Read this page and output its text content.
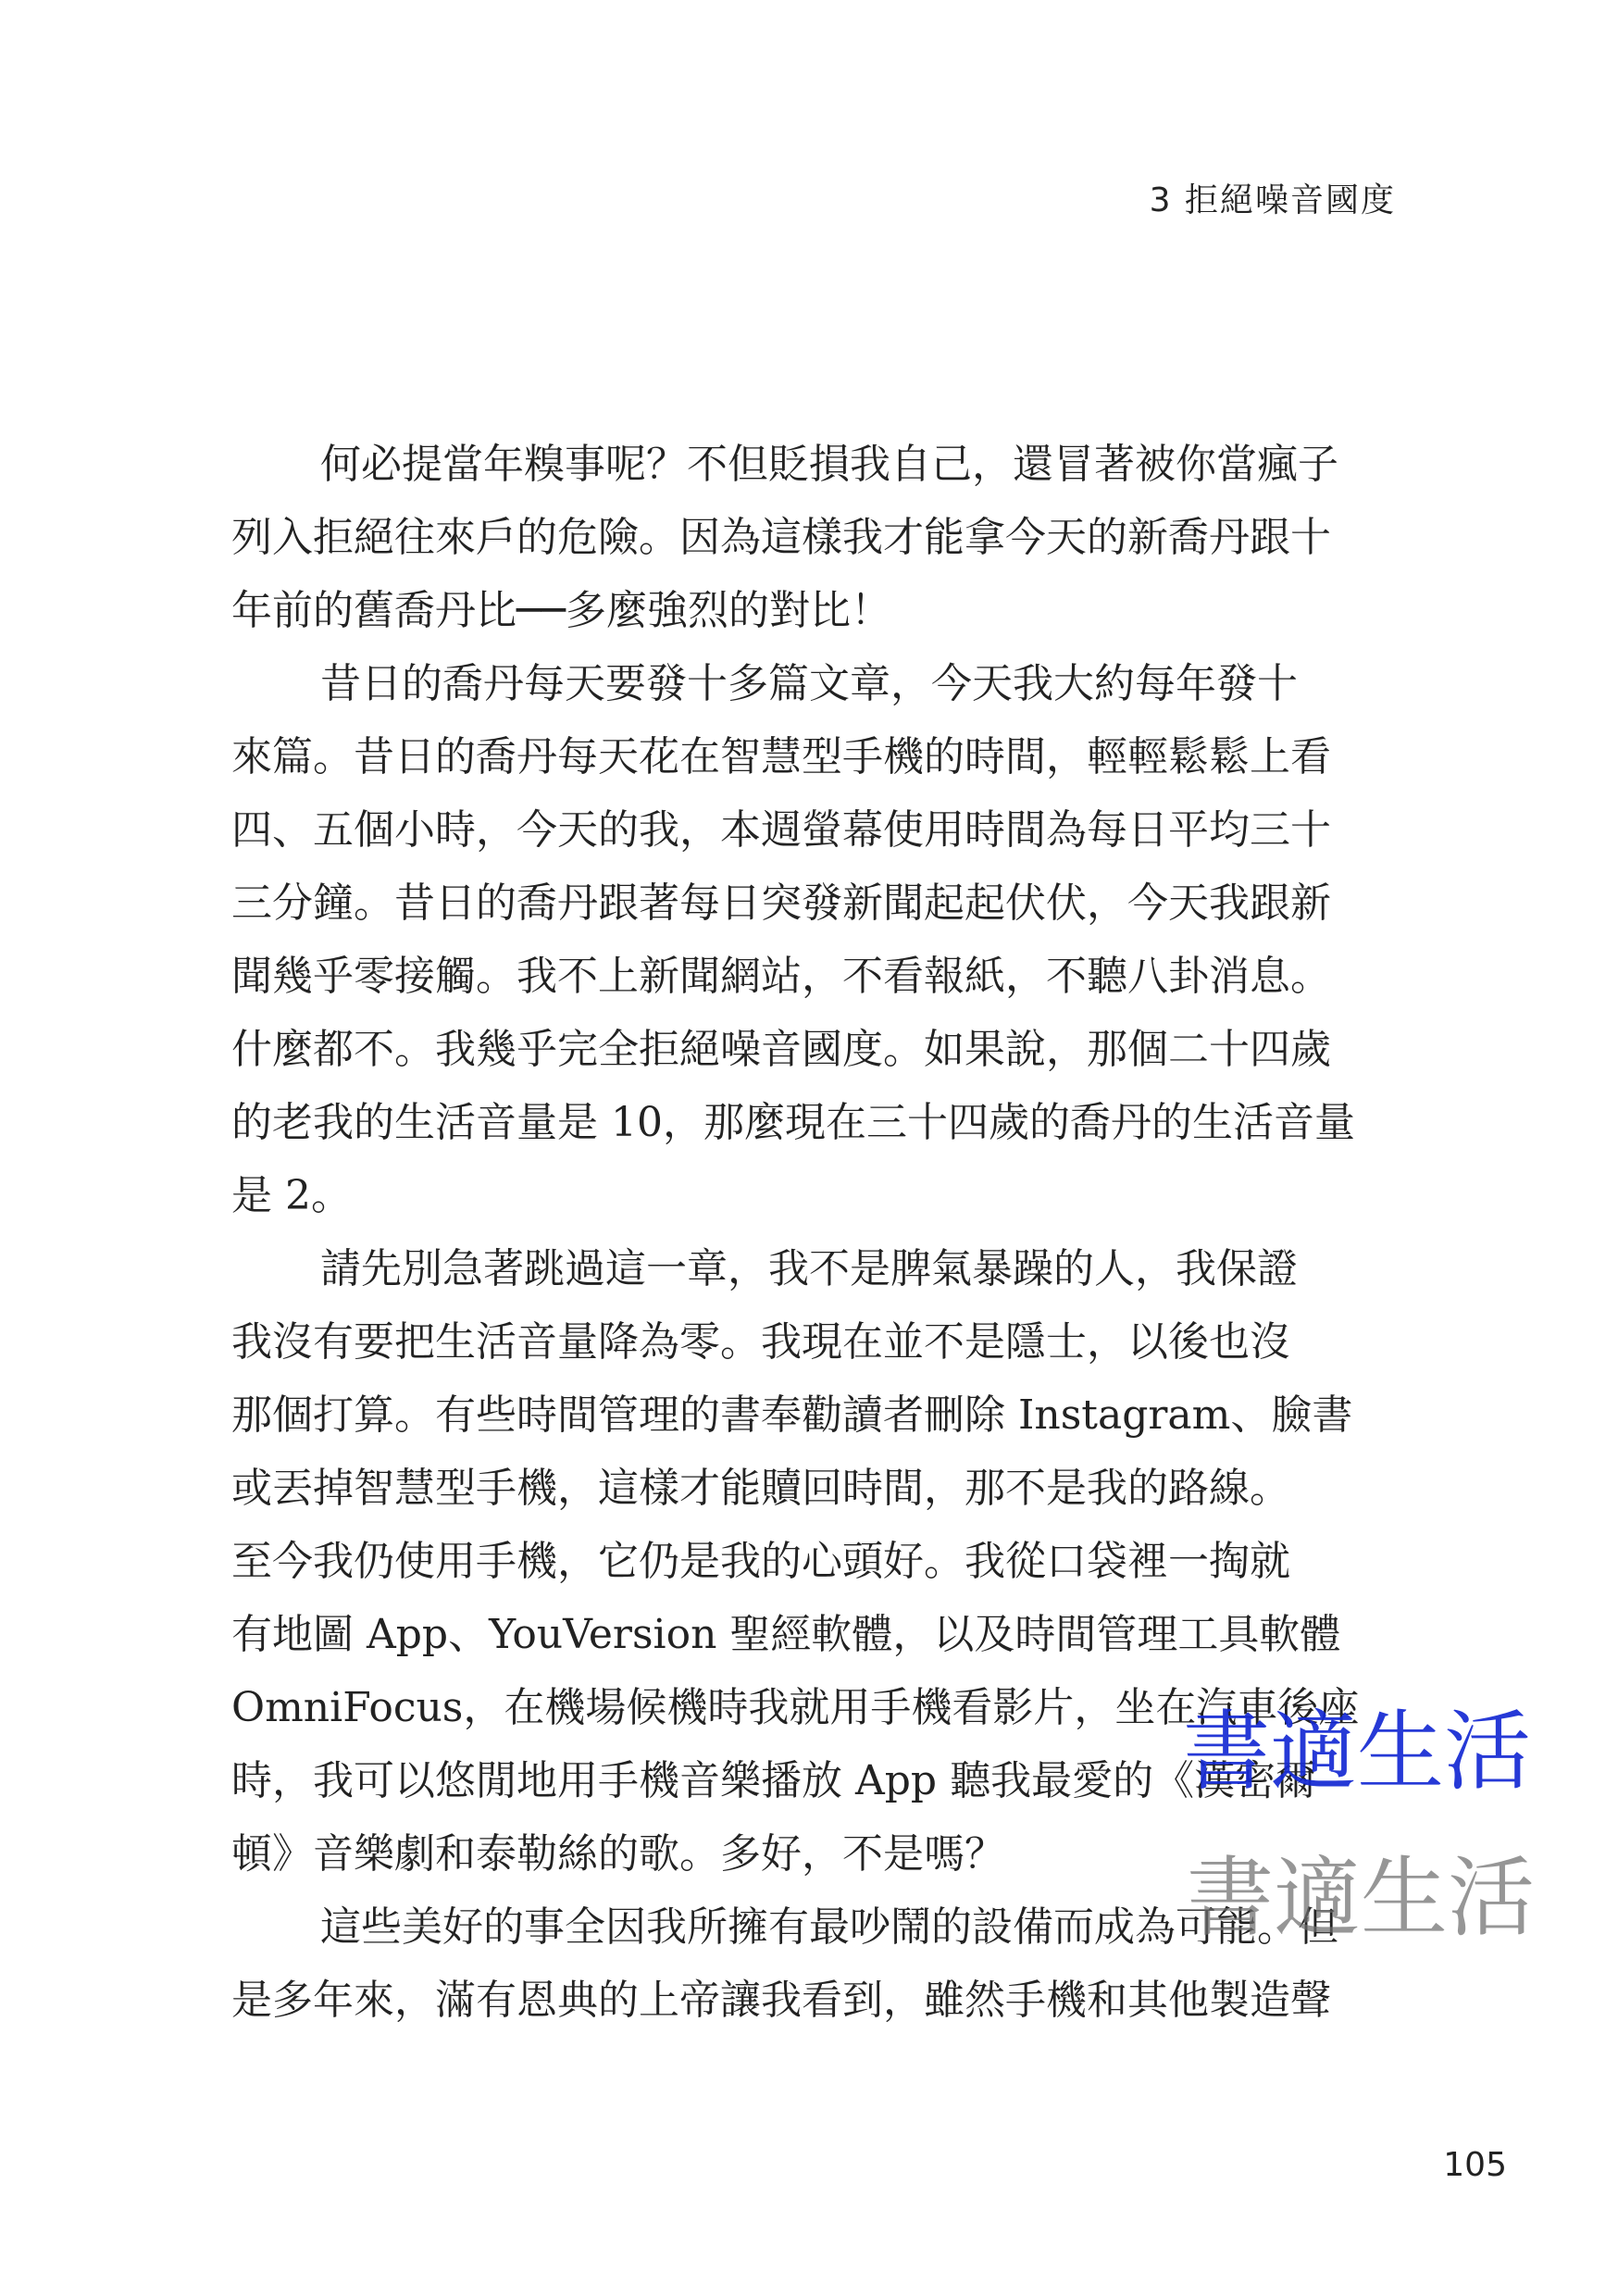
3 拒絕噪音國度
何必提當年糗事呢？不但貶損我自己，還冒著被你當瘋子
列入拒絕往來戶的危險。因為這樣我才能拿今天的新喬丹跟十
年前的舊喬丹比──多麼強烈的對比！
昔日的喬丹每天要發十多篇文章，今天我大約每年發十
來篇。昔日的喬丹每天花在智慧型手機的時間，輕輕鬆鬆上看
四、五個小時，今天的我，本週螢幕使用時間為每日平均三十
三分鐘。昔日的喬丹跟著每日突發新聞起起伏伏，今天我跟新
聞幾乎零接觸。我不上新聞網站，不看報紙，不聽八卦消息。
什麼都不。我幾乎完全拒絕噪音國度。如果說，那個二十四歲
的老我的生活音量是 10，那麼現在三十四歲的喬丹的生活音量
是 2。
請先別急著跳過這一章，我不是脾氣暴躁的人，我保證
我沒有要把生活音量降為零。我現在並不是隱士，以後也沒
那個打算。有些時間管理的書奉勸讀者刪除 Instagram、臉書
或丟掉智慧型手機，這樣才能贖回時間，那不是我的路線。
至今我仍使用手機，它仍是我的心頭好。我從口袋裡一掏就
有地圖 App、YouVersion 聖經軟體，以及時間管理工具軟體
OmniFocus，在機場候機時我就用手機看影片，坐在汽車後座
時，我可以悠閒地用手機音樂播放 App 聽我最愛的《漢密爾
頓》音樂劇和泰勒絲的歌。多好，不是嗎？
這些美好的事全因我所擁有最吵鬧的設備而成為可能。但
是多年來，滿有恩典的上帝讓我看到，雖然手機和其他製造聲
書適生活
書適生活
105
